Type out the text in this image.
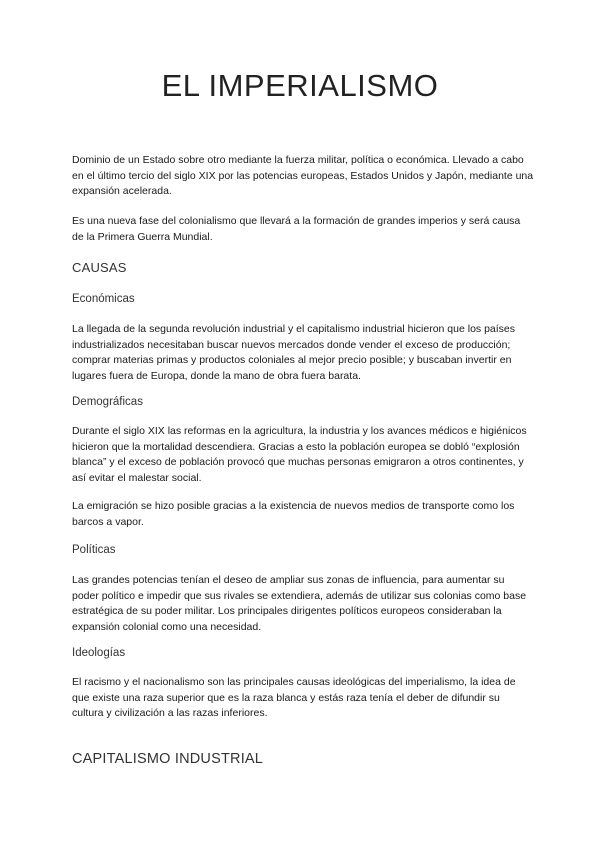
EL IMPERIALISMO

Dominio de un Estado sobre otro mediante la fuerza militar, política o económica. Llevado a cabo en el último tercio del siglo XIX por las potencias europeas, Estados Unidos y Japón, mediante una expansión acelerada.

Es una nueva fase del colonialismo que llevará a la formación de grandes imperios y será causa de la Primera Guerra Mundial.

CAUSAS
Económicas

La llegada de la segunda revolución industrial y el capitalismo industrial hicieron que los países industrializados necesitaban buscar nuevos mercados donde vender el exceso de producción; comprar materias primas y productos coloniales al mejor precio posible; y buscaban invertir en lugares fuera de Europa, donde la mano de obra fuera barata.

Demográficas

Durante el siglo XIX las reformas en la agricultura, la industria y los avances médicos e higiénicos hicieron que la mortalidad descendiera. Gracias a esto la población europea se dobló “explosión blanca” y el exceso de población provocó que muchas personas emigraron a otros continentes, y así evitar el malestar social.

La emigración se hizo posible gracias a la existencia de nuevos medios de transporte como los barcos a vapor.

Políticas

Las grandes potencias tenían el deseo de ampliar sus zonas de influencia, para aumentar su poder político e impedir que sus rivales se extendiera, además de utilizar sus colonias como base estratégica de su poder militar. Los principales dirigentes políticos europeos consideraban la expansión colonial como una necesidad.

Ideologías

El racismo y el nacionalismo son las principales causas ideológicas del imperialismo, la idea de que existe una raza superior que es la raza blanca y estás raza tenía el deber de difundir su cultura y civilización a las razas inferiores.

CAPITALISMO INDUSTRIAL
